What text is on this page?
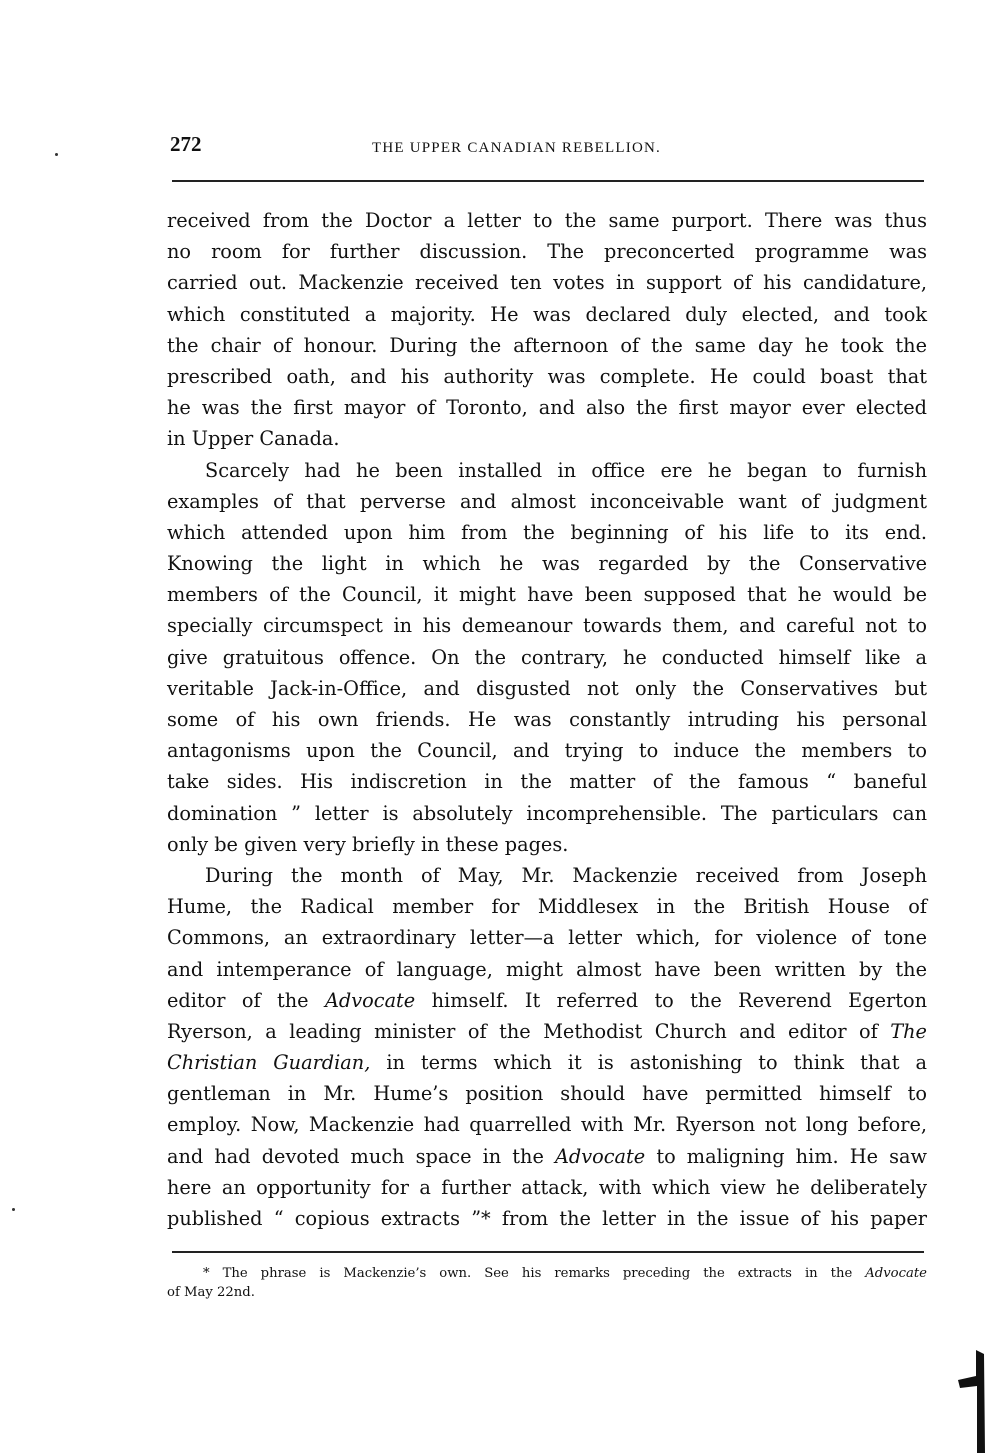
272	THE UPPER CANADIAN REBELLION.
received from the Doctor a letter to the same purport. There was thus
no room for further discussion. The preconcerted programme was
carried out. Mackenzie received ten votes in support of his candidature,
which constituted a majority. He was declared duly elected, and took
the chair of honour. During the afternoon of the same day he took the
prescribed oath, and his authority was complete. He could boast that
he was the first mayor of Toronto, and also the first mayor ever elected
in Upper Canada.
Scarcely had he been installed in office ere he began to furnish
examples of that perverse and almost inconceivable want of judgment
which attended upon him from the beginning of his life to its end.
Knowing the light in which he was regarded by the Conservative
members of the Council, it might have been supposed that he would be
specially circumspect in his demeanour towards them, and careful not to
give gratuitous offence. On the contrary, he conducted himself like a
veritable Jack-in-Office, and disgusted not only the Conservatives but
some of his own friends. He was constantly intruding his personal
antagonisms upon the Council, and trying to induce the members to
take sides. His indiscretion in the matter of the famous “ baneful
domination ” letter is absolutely incomprehensible. The particulars can
only be given very briefly in these pages.
During the month of May, Mr. Mackenzie received from Joseph
Hume, the Radical member for Middlesex in the British House of
Commons, an extraordinary letter—a letter which, for violence of tone
and intemperance of language, might almost have been written by the
editor of the Advocate himself. It referred to the Reverend Egerton
Ryerson, a leading minister of the Methodist Church and editor of The
Christian Guardian, in terms which it is astonishing to think that a
gentleman in Mr. Hume’s position should have permitted himself to
employ. Now, Mackenzie had quarrelled with Mr. Ryerson not long before,
and had devoted much space in the Advocate to maligning him. He saw
here an opportunity for a further attack, with which view he deliberately
published “ copious extracts ”* from the letter in the issue of his paper
* The phrase is Mackenzie’s own. See his remarks preceding the extracts in the Advocate
of May 22nd.
